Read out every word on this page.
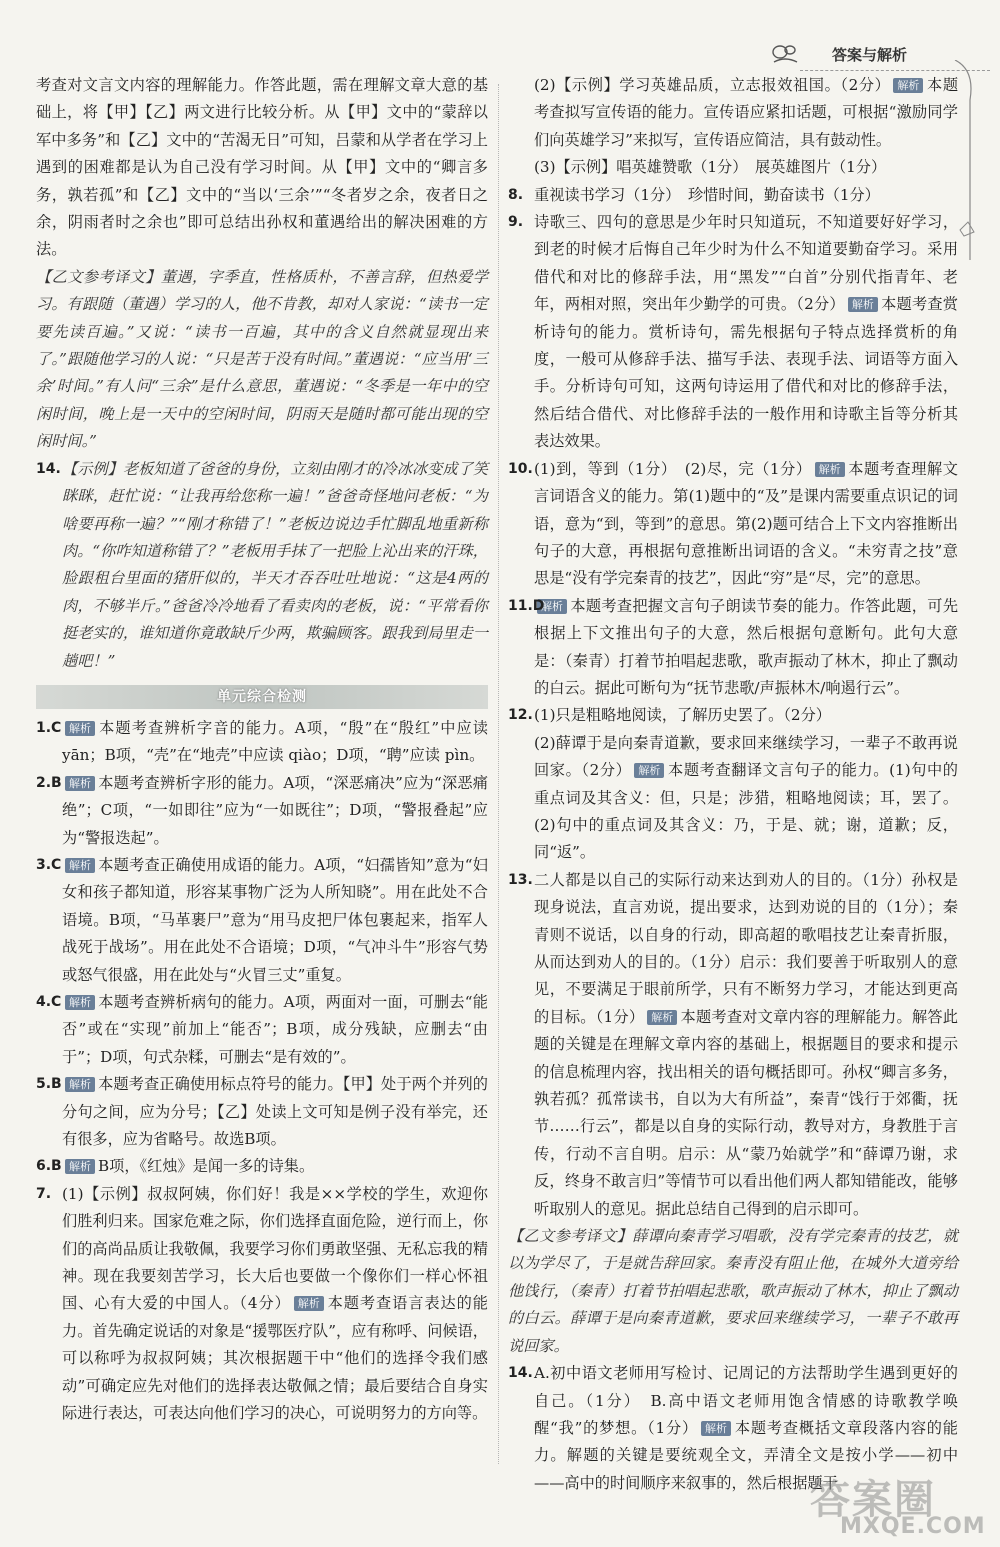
答案与解析

考查对文言文内容的理解能力。作答此题，需在理解文章大意的基础上，将【甲】【乙】两文进行比较分析。从【甲】文中的“蒙辞以军中多务”和【乙】文中的“苦渴无日”可知，吕蒙和从学者在学习上遇到的困难都是认为自己没有学习时间。从【甲】文中的“卿言多务，孰若孤”和【乙】文中的“当以‘三余’”“冬者岁之余，夜者日之余，阴雨者时之余也”即可总结出孙权和董遇给出的解决困难的方法。

【乙文参考译文】董遇，字季直，性格质朴，不善言辞，但热爱学习。有跟随（董遇）学习的人，他不肯教，却对人家说：“读书一定要先读百遍。”又说：“读书一百遍，其中的含义自然就显现出来了。”跟随他学习的人说：“只是苦于没有时间。”董遇说：“应当用‘三余’时间。”有人问“三余”是什么意思，董遇说：“冬季是一年中的空闲时间，晚上是一天中的空闲时间，阴雨天是随时都可能出现的空闲时间。”

14. 【示例】老板知道了爸爸的身份，立刻由刚才的冷冰冰变成了笑眯眯，赶忙说：“让我再给您称一遍！”爸爸奇怪地问老板：“为啥要再称一遍？”“刚才称错了！”老板边说边手忙脚乱地重新称肉。“你咋知道称错了？”老板用手抹了一把脸上沁出来的汗珠，脸跟租台里面的猪肝似的，半天才吞吞吐吐地说：“这是4两的肉，不够半斤。”爸爸冷冷地看了看卖肉的老板，说：“平常看你挺老实的，谁知道你竟敢缺斤少两，欺骗顾客。跟我到局里走一趟吧！”
单元综合检测
1.C 解析 本题考查辨析字音的能力。A项，“殷”在“殷红”中应读 yān；B项，“壳”在“地壳”中应读 qiào；D项，“聘”应读 pìn。
2.B 解析 本题考查辨析字形的能力。A项，“深恶痛决”应为“深恶痛绝”；C项，“一如即往”应为“一如既往”；D项，“警报叠起”应为“警报迭起”。
3.C 解析 本题考查正确使用成语的能力。A项，“妇孺皆知”意为“妇女和孩子都知道，形容某事物广泛为人所知晓”。用在此处不合语境。B项，“马革裹尸”意为“用马皮把尸体包裹起来，指军人战死于战场”。用在此处不合语境；D项，“气冲斗牛”形容气势或怒气很盛，用在此处与“火冒三丈”重复。
4.C 解析 本题考查辨析病句的能力。A项，两面对一面，可删去“能否”或在“实现”前加上“能否”；B项，成分残缺，应删去“由于”；D项，句式杂糅，可删去“是有效的”。
5.B 解析 本题考查正确使用标点符号的能力。【甲】处于两个并列的分句之间，应为分号；【乙】处读上文可知是例子没有举完，还有很多，应为省略号。故选B项。
6.B 解析 B项，《红烛》是闻一多的诗集。
7. (1)【示例】叔叔阿姨，你们好！我是××学校的学生，欢迎你们胜利归来。国家危难之际，你们选择直面危险，逆行而上，你们的高尚品质让我敬佩，我要学习你们勇敢坚强、无私忘我的精神。现在我要刻苦学习，长大后也要做一个像你们一样心怀祖国、心有大爱的中国人。（4分） 解析 本题考查语言表达的能力。首先确定说话的对象是“援鄂医疗队”，应有称呼、问候语，可以称呼为叔叔阿姨；其次根据题干中“他们的选择令我们感动”可确定应先对他们的选择表达敬佩之情；最后要结合自身实际进行表达，可表达向他们学习的决心，可说明努力的方向等。
(2)【示例】学习英雄品质，立志报效祖国。（2分） 解析 本题考查拟写宣传语的能力。宣传语应紧扣话题，可根据“激励同学们向英雄学习”来拟写，宣传语应简洁，具有鼓动性。
(3)【示例】唱英雄赞歌（1分）　展英雄图片（1分）
8. 重视读书学习（1分）　珍惜时间，勤奋读书（1分）
9. 诗歌三、四句的意思是少年时只知道玩，不知道要好好学习，到老的时候才后悔自己年少时为什么不知道要勤奋学习。采用借代和对比的修辞手法，用“黑发”“白首”分别代指青年、老年，两相对照，突出年少勤学的可贵。（2分） 解析 本题考查赏析诗句的能力。赏析诗句，需先根据句子特点选择赏析的角度，一般可从修辞手法、描写手法、表现手法、词语等方面入手。分析诗句可知，这两句诗运用了借代和对比的修辞手法，然后结合借代、对比修辞手法的一般作用和诗歌主旨等分析其表达效果。
10. (1)到，等到（1分）　(2)尽，完（1分） 解析 本题考查理解文言词语含义的能力。第(1)题中的“及”是课内需要重点识记的词语，意为“到，等到”的意思。第(2)题可结合上下文内容推断出句子的大意，再根据句意推断出词语的含义。“未穷青之技”意思是“没有学完秦青的技艺”，因此“穷”是“尽，完”的意思。
11.D
解析 本题考查把握文言句子朗读节奏的能力。作答此题，可先根据上下文推出句子的大意，然后根据句意断句。此句大意是：（秦青）打着节拍唱起悲歌，歌声振动了林木，抑止了飘动的白云。据此可断句为“抚节悲歌/声振林木/响遏行云”。
12. (1)只是粗略地阅读，了解历史罢了。（2分）
(2)薛谭于是向秦青道歉，要求回来继续学习，一辈子不敢再说回家。（2分） 解析 本题考查翻译文言句子的能力。(1)句中的重点词及其含义：但，只是；涉猎，粗略地阅读；耳，罢了。(2)句中的重点词及其含义：乃，于是、就；谢，道歉；反，同“返”。
13. 二人都是以自己的实际行动来达到劝人的目的。（1分）孙权是现身说法，直言劝说，提出要求，达到劝说的目的（1分）；秦青则不说话，以自身的行动，即高超的歌唱技艺让秦青折服，从而达到劝人的目的。（1分）启示：我们要善于听取别人的意见，不要满足于眼前所学，只有不断努力学习，才能达到更高的目标。（1分） 解析 本题考查对文章内容的理解能力。解答此题的关键是在理解文章内容的基础上，根据题目的要求和提示的信息梳理内容，找出相关的语句概括即可。孙权“卿言多务，孰若孤？孤常读书，自以为大有所益”，秦青“饯行于郊衢，抚节……行云”，都是以自身的实际行动，教导对方，身教胜于言传，行动不言自明。启示：从“蒙乃始就学”和“薛谭乃谢，求反，终身不敢言归”等情节可以看出他们两人都知错能改，能够听取别人的意见。据此总结自己得到的启示即可。

【乙文参考译文】薛谭向秦青学习唱歌，没有学完秦青的技艺，就以为学尽了，于是就告辞回家。秦青没有阻止他，在城外大道旁给他饯行，（秦青）打着节拍唱起悲歌，歌声振动了林木，抑止了飘动的白云。薛谭于是向秦青道歉，要求回来继续学习，一辈子不敢再说回家。

14. A.初中语文老师用写检讨、记周记的方法帮助学生遇到更好的自己。（1分）　B.高中语文老师用饱含情感的诗歌教学唤醒“我”的梦想。（1分） 解析 本题考查概括文章段落内容的能力。解题的关键是要统观全文，弄清全文是按小学——初中——高中的时间顺序来叙事的，然后根据题干
答案圈
MXQE.COM
